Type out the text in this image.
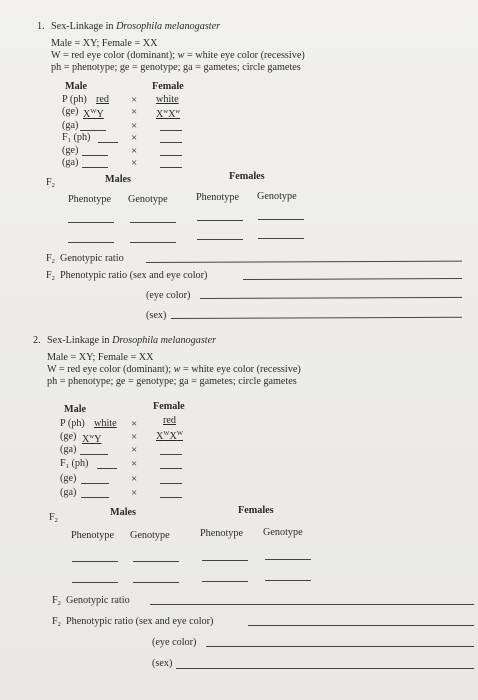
1. Sex-Linkage in Drosophila melanogaster
Male = XY; Female = XX
W = red eye color (dominant); w = white eye color (recessive)
ph = phenotype; ge = genotype; ga = gametes; circle gametes
Male	Female
P (ph) red × white
(ge) $X^WY \times X^wX^w$
(ga)	×
$F_1$ (ph)	×
(ge)	×
(ga)	×
$F_2$
Males	Females
Phenotype Genotype	Phenotype Genotype
$F_2$ Genotypic ratio
$F_2$ Phenotypic ratio (sex and eye color)
(eye color)
(sex)
2. Sex-Linkage in Drosophila melanogaster
Male = XY; Female = XX
W = red eye color (dominant); w = white eye color (recessive)
ph = phenotype; ge = genotype; ga = gametes; circle gametes
Male	Female
P (ph) white ×	red
(ge) $X^wY$	× $X^WX^W$
(ga)	×
$F_1$ (ph)	×
(ge)	×
(ga)	×
$F_2$
Males	Females
Phenotype Genotype	Phenotype Genotype
$F_2$ Genotypic ratio
$F_2$ Phenotypic ratio (sex and eye color)
(eye color)
(sex)
